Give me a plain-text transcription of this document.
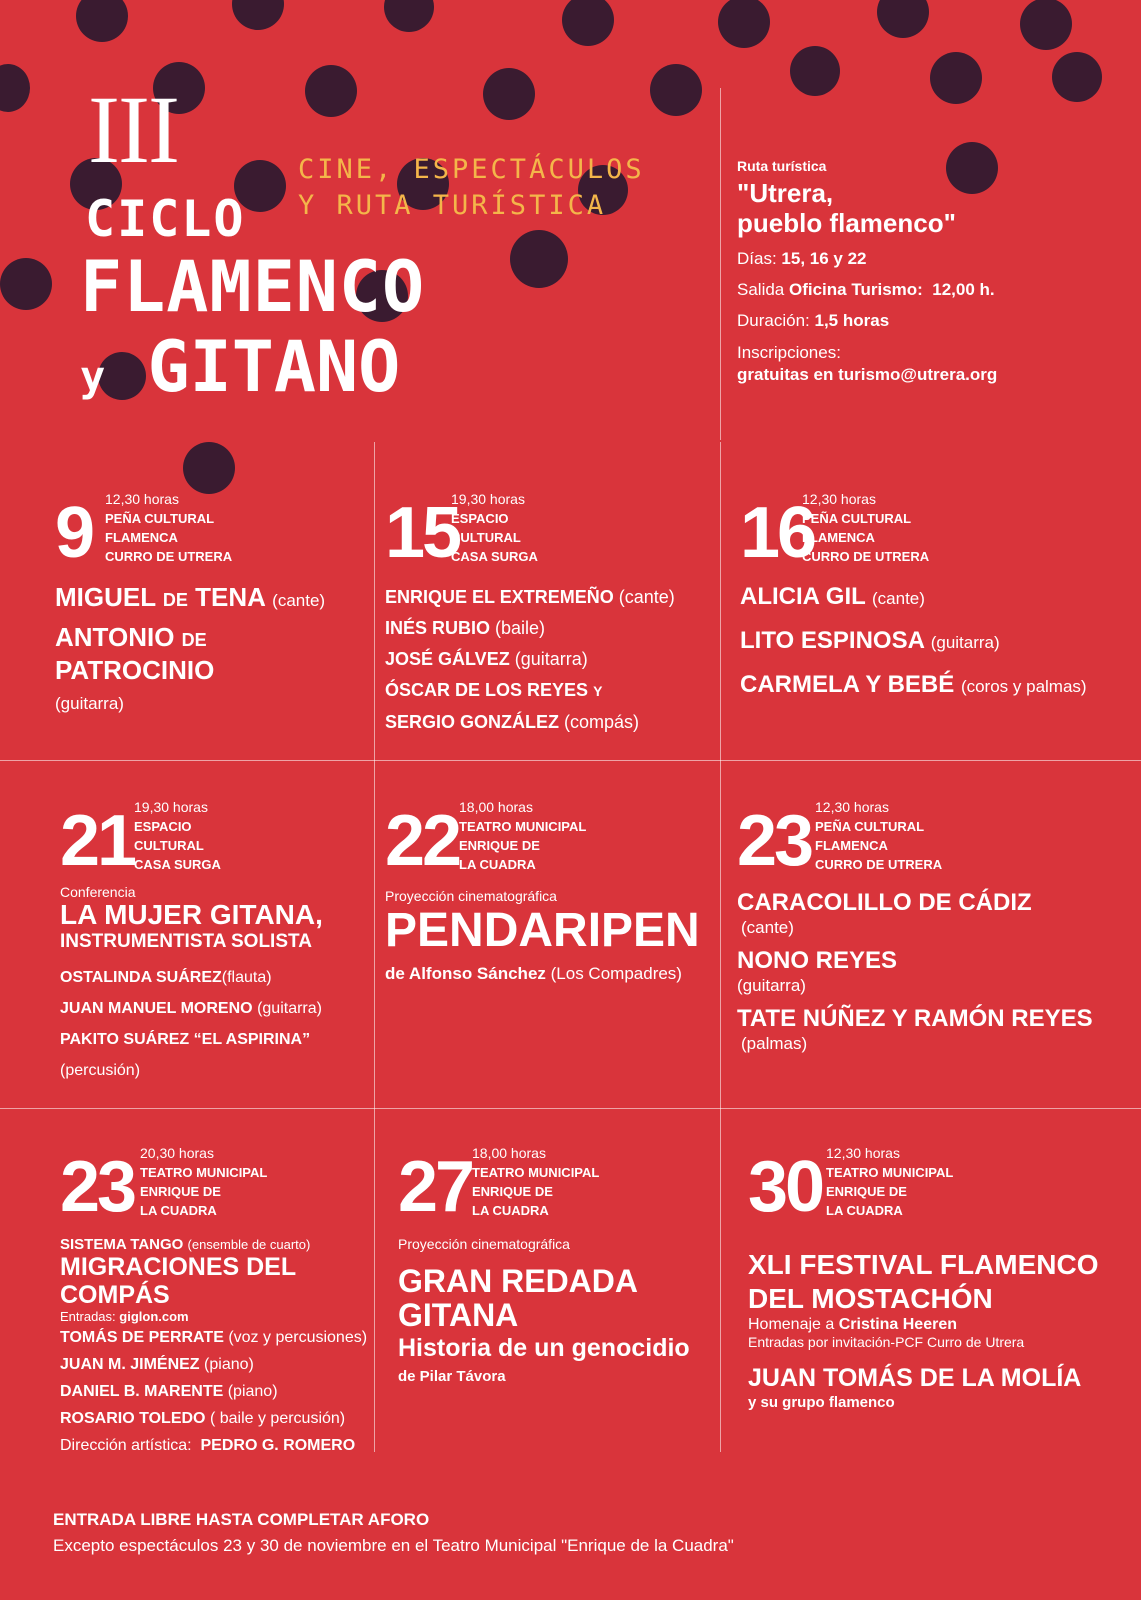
III
CICLO
FLAMENCO
y GITANO
CINE, ESPECTÁCULOS
Y RUTA TURÍSTICA
Ruta turística
"Utrera,
pueblo flamenco"
Días: 15, 16 y 22
Salida Oficina Turismo: 12,00 h.
Duración: 1,5 horas
Inscripciones:
gratuitas en turismo@utrera.org
9 12,30 horas
PEÑA CULTURAL
FLAMENCA
CURRO DE UTRERA
MIGUEL DE TENA (cante)
ANTONIO DE PATROCINIO
(guitarra)
15
19,30 horas
ESPACIO
CULTURAL
CASA SURGA
ENRIQUE EL EXTREMEÑO (cante)
INÉS RUBIO (baile)
JOSÉ GÁLVEZ (guitarra)
ÓSCAR DE LOS REYES Y
SERGIO GONZÁLEZ (compás)
16
12,30 horas
PEÑA CULTURAL
FLAMENCA
CURRO DE UTRERA
ALICIA GIL (cante)
LITO ESPINOSA (guitarra)
CARMELA Y BEBÉ (coros y palmas)
21 19,30 horas
ESPACIO
CULTURAL
CASA SURGA
Conferencia
LA MUJER GITANA,
INSTRUMENTISTA SOLISTA
OSTALINDA SUÁREZ(flauta)
JUAN MANUEL MORENO (guitarra)
PAKITO SUÁREZ “EL ASPIRINA” (percusión)
22 18,00 horas
TEATRO MUNICIPAL
ENRIQUE DE
LA CUADRA
Proyección cinematográfica
PENDARIPEN
de Alfonso Sánchez (Los Compadres)
23 12,30 horas
PEÑA CULTURAL
FLAMENCA
CURRO DE UTRERA
CARACOLILLO DE CÁDIZ
(cante)
NONO REYES
(guitarra)
TATE NÚÑEZ Y RAMÓN REYES
(palmas)
23 20,30 horas
TEATRO MUNICIPAL
ENRIQUE DE
LA CUADRA
SISTEMA TANGO (ensemble de cuarto)
MIGRACIONES DEL COMPÁS
Entradas: giglon.com
TOMÁS DE PERRATE (voz y percusiones)
JUAN M. JIMÉNEZ (piano)
DANIEL B. MARENTE (piano)
ROSARIO TOLEDO ( baile y percusión)
Dirección artística: PEDRO G. ROMERO
27 18,00 horas
TEATRO MUNICIPAL
ENRIQUE DE
LA CUADRA
Proyección cinematográfica
GRAN REDADA
GITANA
Historia de un genocidio
de Pilar Távora
30 12,30 horas
TEATRO MUNICIPAL
ENRIQUE DE
LA CUADRA
XLI FESTIVAL FLAMENCO
DEL MOSTACHÓN
Homenaje a Cristina Heeren
Entradas por invitación-PCF Curro de Utrera
JUAN TOMÁS DE LA MOLÍA
y su grupo flamenco
ENTRADA LIBRE HASTA COMPLETAR AFORO
Excepto espectáculos 23 y 30 de noviembre en el Teatro Municipal "Enrique de la Cuadra"
